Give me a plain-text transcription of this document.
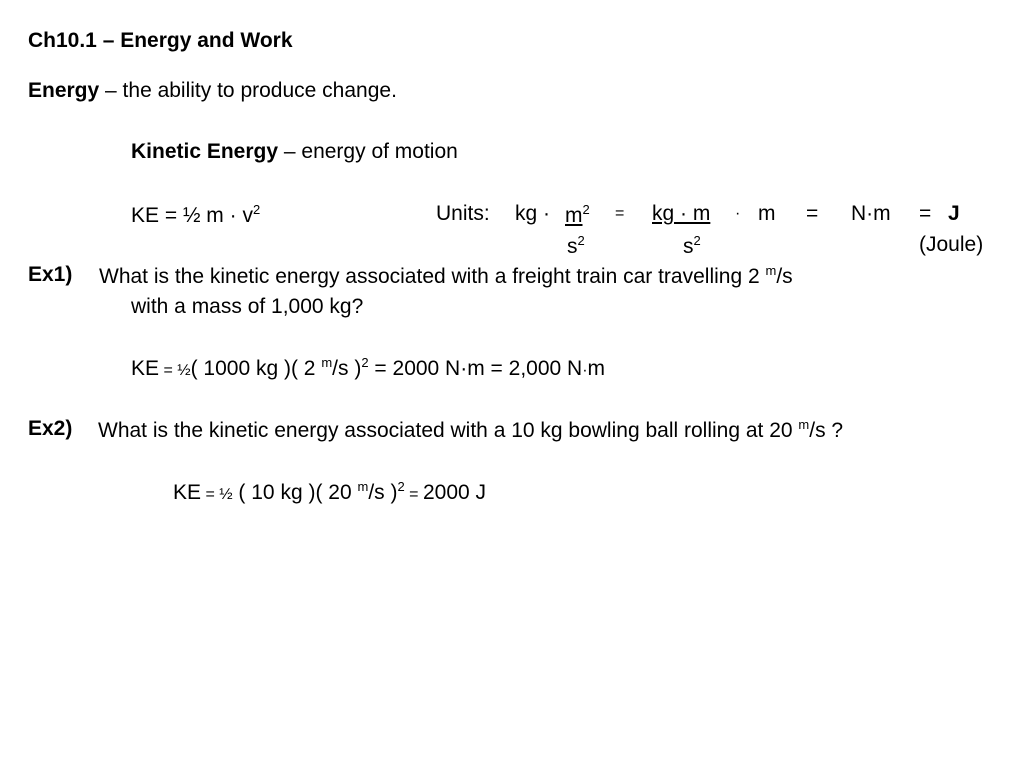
Ch10.1 – Energy and Work
Energy – the ability to produce change.
Kinetic Energy – energy of motion
KE = ½ $m \cdot v^2$	Units: kg · $m^2$ = kg · m · m = N·m = J
$s^2$	$s^2$	(Joule)
Ex1) What is the kinetic energy associated with a freight train car travelling 2 $^m$/s
with a mass of 1,000 kg?
KE = ½( 1000 kg )( 2 $^m$/s )$^2$ = 2000 N·m = 2,000 N·m
Ex2) What is the kinetic energy associated with a 10 kg bowling ball rolling at 20 $^m$/s ?
KE = ½ ( 10 kg )( 20 $^m$/s )$^2$ = 2000 J
